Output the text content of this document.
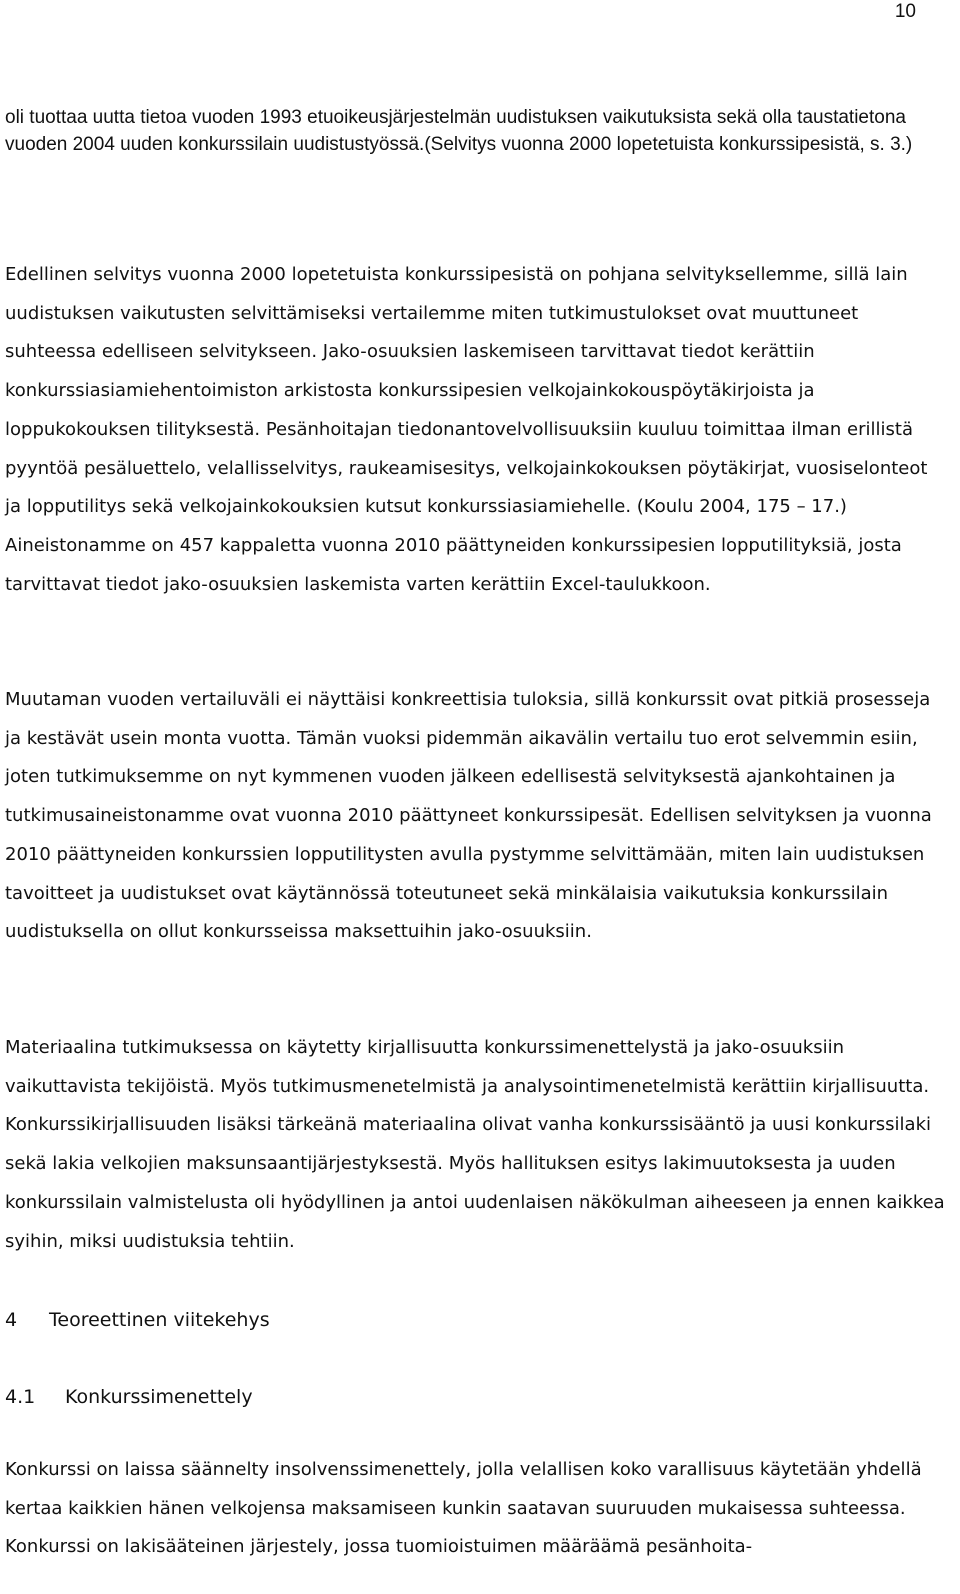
10

oli tuottaa uutta tietoa vuoden 1993 etuoikeusjärjestelmän uudistuksen vaikutuksista sekä olla taustatietona vuoden 2004 uuden konkurssilain uudistustyössä.(Selvitys vuonna 2000 lopetetuista konkurssipesistä, s. 3.)

Edellinen selvitys vuonna 2000 lopetetuista konkurssipesistä on pohjana selvityksellemme, sillä lain uudistuksen vaikutusten selvittämiseksi vertailemme miten tutkimustulokset ovat muuttuneet suhteessa edelliseen selvitykseen. Jako-osuuksien laskemiseen tarvittavat tiedot kerättiin konkurssiasiamiehentoimiston arkistosta konkurssipesien velkojainkokouspöytäkirjoista ja loppukokouksen tilityksestä. Pesänhoitajan tiedonantovelvollisuuksiin kuuluu toimittaa ilman erillistä pyyntöä pesäluettelo, velallisselvitys, raukeamisesitys, velkojainkokouksen pöytäkirjat, vuosiselonteot ja lopputilitys sekä velkojainkokouksien kutsut konkurssiasiamiehelle. (Koulu 2004, 175 – 17.) Aineistonamme on 457 kappaletta vuonna 2010 päättyneiden konkurssipesien lopputilityksiä, josta tarvittavat tiedot jako-osuuksien laskemista varten kerättiin Excel-taulukkoon.

Muutaman vuoden vertailuväli ei näyttäisi konkreettisia tuloksia, sillä konkurssit ovat pitkiä prosesseja ja kestävät usein monta vuotta. Tämän vuoksi pidemmän aikavälin vertailu tuo erot selvemmin esiin, joten tutkimuksemme on nyt kymmenen vuoden jälkeen edellisestä selvityksestä ajankohtainen ja tutkimusaineistonamme ovat vuonna 2010 päättyneet konkurssipesät. Edellisen selvityksen ja vuonna 2010 päättyneiden konkurssien lopputilitysten avulla pystymme selvittämään, miten lain uudistuksen tavoitteet ja uudistukset ovat käytännössä toteutuneet sekä minkälaisia vaikutuksia konkurssilain uudistuksella on ollut konkursseissa maksettuihin jako-osuuksiin.

Materiaalina tutkimuksessa on käytetty kirjallisuutta konkurssimenettelystä ja jako-osuuksiin vaikuttavista tekijöistä. Myös tutkimusmenetelmistä ja analysointimenetelmistä kerättiin kirjallisuutta. Konkurssikirjallisuuden lisäksi tärkeänä materiaalina olivat vanha konkurssisääntö ja uusi konkurssilaki sekä lakia velkojien maksunsaantijärjestyksestä. Myös hallituksen esitys lakimuutoksesta ja uuden konkurssilain valmistelusta oli hyödyllinen ja antoi uudenlaisen näkökulman aiheeseen ja ennen kaikkea syihin, miksi uudistuksia tehtiin.

4 Teoreettinen viitekehys
4.1 Konkurssimenettely

Konkurssi on laissa säännelty insolvenssimenettely, jolla velallisen koko varallisuus käytetään yhdellä kertaa kaikkien hänen velkojensa maksamiseen kunkin saatavan suuruuden mukaisessa suhteessa. Konkurssi on lakisääteinen järjestely, jossa tuomioistuimen määräämä pesänhoita-
